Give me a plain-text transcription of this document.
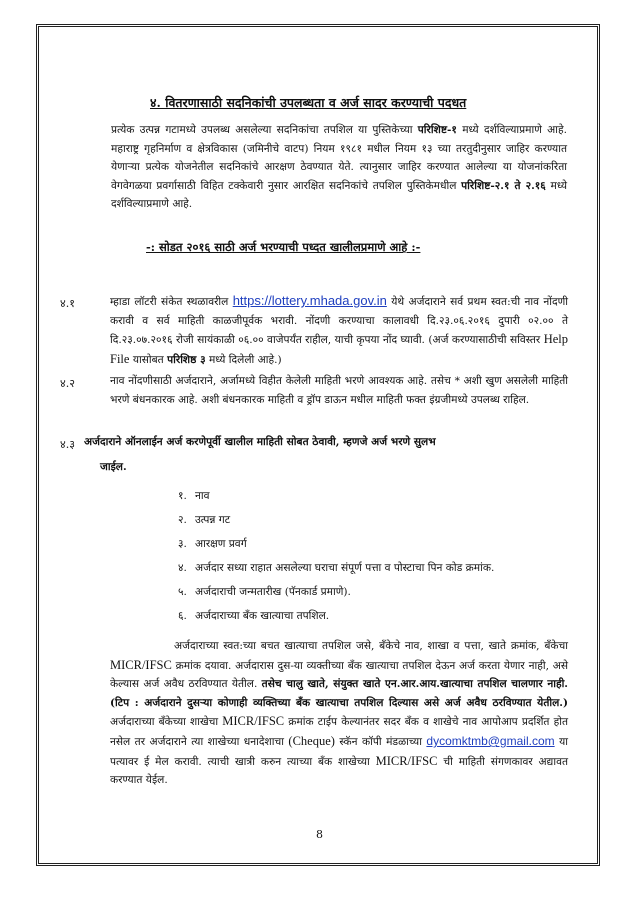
४. वितरणासाठी सदनिकांची उपलब्धता व अर्ज सादर करण्याची पदधत
प्रत्येक उत्पन्न गटामध्ये उपलब्ध असलेल्या सदनिकांचा तपशिल या पुस्तिकेच्या परिशिष्ट-१ मध्ये दर्शविल्याप्रमाणे आहे. महाराष्ट्र गृहनिर्माण व क्षेत्रविकास (जमिनीचे वाटप) नियम १९८१ मधील नियम १३ च्या तरतुदीनुसार जाहिर करण्यात येणाऱ्या प्रत्येक योजनेतील सदनिकांचे आरक्षण ठेवण्यात येते. त्यानुसार जाहिर करण्यात आलेल्या या योजनांकरिता वेगवेगळया प्रवर्गासाठी विहित टक्केवारी नुसार आरक्षित सदनिकांचे तपशिल पुस्तिकेमधील परिशिष्ट-२.१ ते २.१६ मध्ये दर्शविल्याप्रमाणे आहे.
-: सोडत २०१६ साठी अर्ज भरण्याची पध्दत खालीलप्रमाणे आहे :-
४.१	म्हाडा लॉटरी संकेत स्थळावरील https://lottery.mhada.gov.in येथे अर्जदाराने सर्व प्रथम स्वत:ची नाव नोंदणी करावी व सर्व माहिती काळजीपूर्वक भरावी. नोंदणी करण्याचा कालावधी दि.२३.०६.२०१६ दुपारी ०२.०० ते दि.२३.०७.२०१६ रोजी सायंकाळी ०६.०० वाजेपर्यंत राहील, याची कृपया नोंद घ्यावी. (अर्ज करण्यासाठीची सविस्तर Help File यासोबत परिशिष्ठ ३ मध्ये दिलेली आहे.)
४.२	नाव नोंदणीसाठी अर्जदाराने, अर्जामध्ये विहीत केलेली माहिती भरणे आवश्यक आहे. तसेच * अशी खुण असलेली माहिती भरणे बंधनकारक आहे. अशी बंधनकारक माहिती व ड्रॉप डाऊन मधील माहिती फक्त इंग्रजीमध्ये उपलब्ध राहिल.
४.३ अर्जदाराने ऑनलाईन अर्ज करणेपूर्वी खालील माहिती सोबत ठेवावी, म्हणजे अर्ज भरणे सुलभ
जाईल.
१. नाव
२. उत्पन्न गट
३. आरक्षण प्रवर्ग
४. अर्जदार सध्या राहात असलेल्या घराचा संपूर्ण पत्ता व पोस्टाचा पिन कोड क्रमांक.
५. अर्जदाराची जन्मतारीख (पॅनकार्ड प्रमाणे).
६. अर्जदाराच्या बँक खात्याचा तपशिल.
अर्जदाराच्या स्वत:च्या बचत खात्याचा तपशिल जसे, बँकेचे नाव, शाखा व पत्ता, खाते क्रमांक, बँकेचा MICR/IFSC क्रमांक दयावा. अर्जदारास दुस-या व्यक्तीच्या बँक खात्याचा तपशिल देऊन अर्ज करता येणार नाही, असे केल्यास अर्ज अवैध ठरविण्यात येतील. तसेच चालु खाते, संयुक्त खाते एन.आर.आय.खात्याचा तपशिल चालणार नाही. (टिप : अर्जदाराने दुसऱ्या कोणाही व्यक्तिच्या बँक खात्याचा तपशिल दिल्यास असे अर्ज अवैध ठरविण्यात येतील.) अर्जदाराच्या बँकेच्या शाखेचा MICR/IFSC क्रमांक टाईप केल्यानंतर सदर बँक व शाखेचे नाव आपोआप प्रदर्शित होत नसेल तर अर्जदाराने त्या शाखेच्या धनादेशाचा (Cheque) स्कॅन कॉपी मंडळाच्या dycomktmb@gmail.com या पत्यावर ई मेल करावी. त्याची खात्री करुन त्याच्या बँक शाखेच्या MICR/IFSC ची माहिती संगणकावर अद्यावत करण्यात येईल.
8
